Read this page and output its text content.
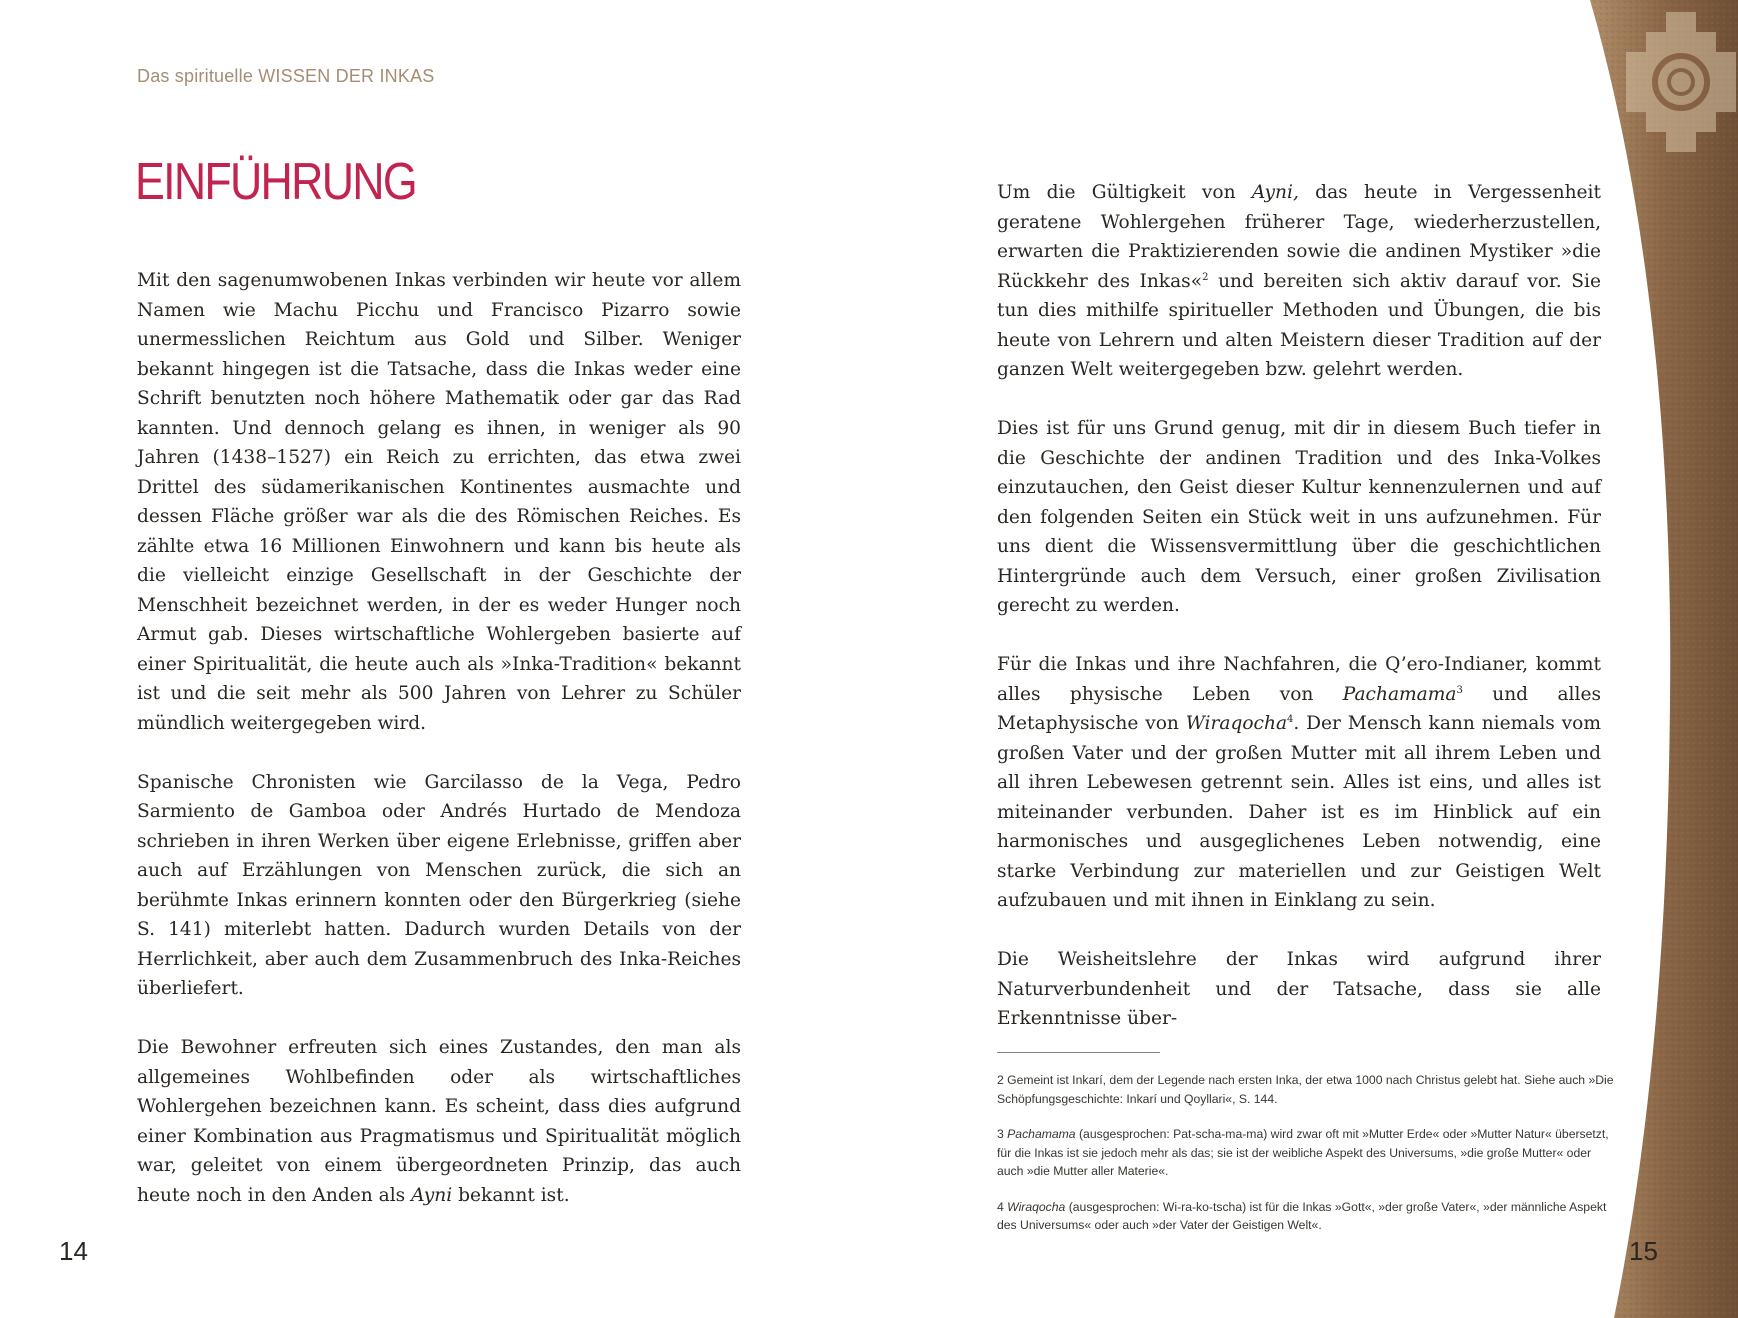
Das spirituelle WISSEN DER INKAS
EINFÜHRUNG

Mit den sagenumwobenen Inkas verbinden wir heute vor allem Namen wie Machu Picchu und Francisco Pizarro sowie unermesslichen Reichtum aus Gold und Silber. Weniger bekannt hingegen ist die Tatsache, dass die Inkas weder eine Schrift benutzten noch höhere Mathematik oder gar das Rad kannten. Und dennoch gelang es ihnen, in weniger als 90 Jahren (1438–1527) ein Reich zu errichten, das etwa zwei Drittel des südamerikanischen Kontinentes ausmachte und dessen Fläche größer war als die des Römischen Reiches. Es zählte etwa 16 Millionen Einwohnern und kann bis heute als die vielleicht einzige Gesellschaft in der Geschichte der Menschheit bezeichnet werden, in der es weder Hunger noch Armut gab. Dieses wirtschaftliche Wohlergeben basierte auf einer Spiritualität, die heute auch als »Inka-Tradition« bekannt ist und die seit mehr als 500 Jahren von Lehrer zu Schüler mündlich weitergegeben wird.

Spanische Chronisten wie Garcilasso de la Vega, Pedro Sarmiento de Gamboa oder Andrés Hurtado de Mendoza schrieben in ihren Werken über eigene Erlebnisse, griffen aber auch auf Erzählungen von Menschen zurück, die sich an berühmte Inkas erinnern konnten oder den Bürgerkrieg (siehe S. 141) miterlebt hatten. Dadurch wurden Details von der Herrlichkeit, aber auch dem Zusammenbruch des Inka-Reiches überliefert.

Die Bewohner erfreuten sich eines Zustandes, den man als allgemeines Wohlbefinden oder als wirtschaftliches Wohlergehen bezeichnen kann. Es scheint, dass dies aufgrund einer Kombination aus Pragmatismus und Spiritualität möglich war, geleitet von einem übergeordneten Prinzip, das auch heute noch in den Anden als Ayni bekannt ist.

14

Um die Gültigkeit von Ayni, das heute in Vergessenheit geratene Wohlergehen früherer Tage, wiederherzustellen, erwarten die Praktizierenden sowie die andinen Mystiker »die Rückkehr des Inkas«$^2$ und bereiten sich aktiv darauf vor. Sie tun dies mithilfe spiritueller Methoden und Übungen, die bis heute von Lehrern und alten Meistern dieser Tradition auf der ganzen Welt weitergegeben bzw. gelehrt werden.

Dies ist für uns Grund genug, mit dir in diesem Buch tiefer in die Geschichte der andinen Tradition und des Inka-Volkes einzutauchen, den Geist dieser Kultur kennenzulernen und auf den folgenden Seiten ein Stück weit in uns aufzunehmen. Für uns dient die Wissensvermittlung über die geschichtlichen Hintergründe auch dem Versuch, einer großen Zivilisation gerecht zu werden.

Für die Inkas und ihre Nachfahren, die Q’ero-Indianer, kommt alles physische Leben von Pachamama$^3$ und alles Metaphysische von Wiraqocha$^4$. Der Mensch kann niemals vom großen Vater und der großen Mutter mit all ihrem Leben und all ihren Lebewesen getrennt sein. Alles ist eins, und alles ist miteinander verbunden. Daher ist es im Hinblick auf ein harmonisches und ausgeglichenes Leben notwendig, eine starke Verbindung zur materiellen und zur Geistigen Welt aufzubauen und mit ihnen in Einklang zu sein.

Die Weisheitslehre der Inkas wird aufgrund ihrer Naturverbundenheit und der Tatsache, dass sie alle Erkenntnisse über-

2 Gemeint ist Inkarí, dem der Legende nach ersten Inka, der etwa 1000 nach Christus gelebt hat. Siehe auch »Die Schöpfungsgeschichte: Inkarí und Qoyllari«, S. 144.

3 Pachamama (ausgesprochen: Pat-scha-ma-ma) wird zwar oft mit »Mutter Erde« oder »Mutter Natur« übersetzt, für die Inkas ist sie jedoch mehr als das; sie ist der weibliche Aspekt des Universums, »die große Mutter« oder auch »die Mutter aller Materie«.

4 Wiraqocha (ausgesprochen: Wi-ra-ko-tscha) ist für die Inkas »Gott«, »der große Vater«, »der männliche Aspekt des Universums« oder auch »der Vater der Geistigen Welt«.

15
